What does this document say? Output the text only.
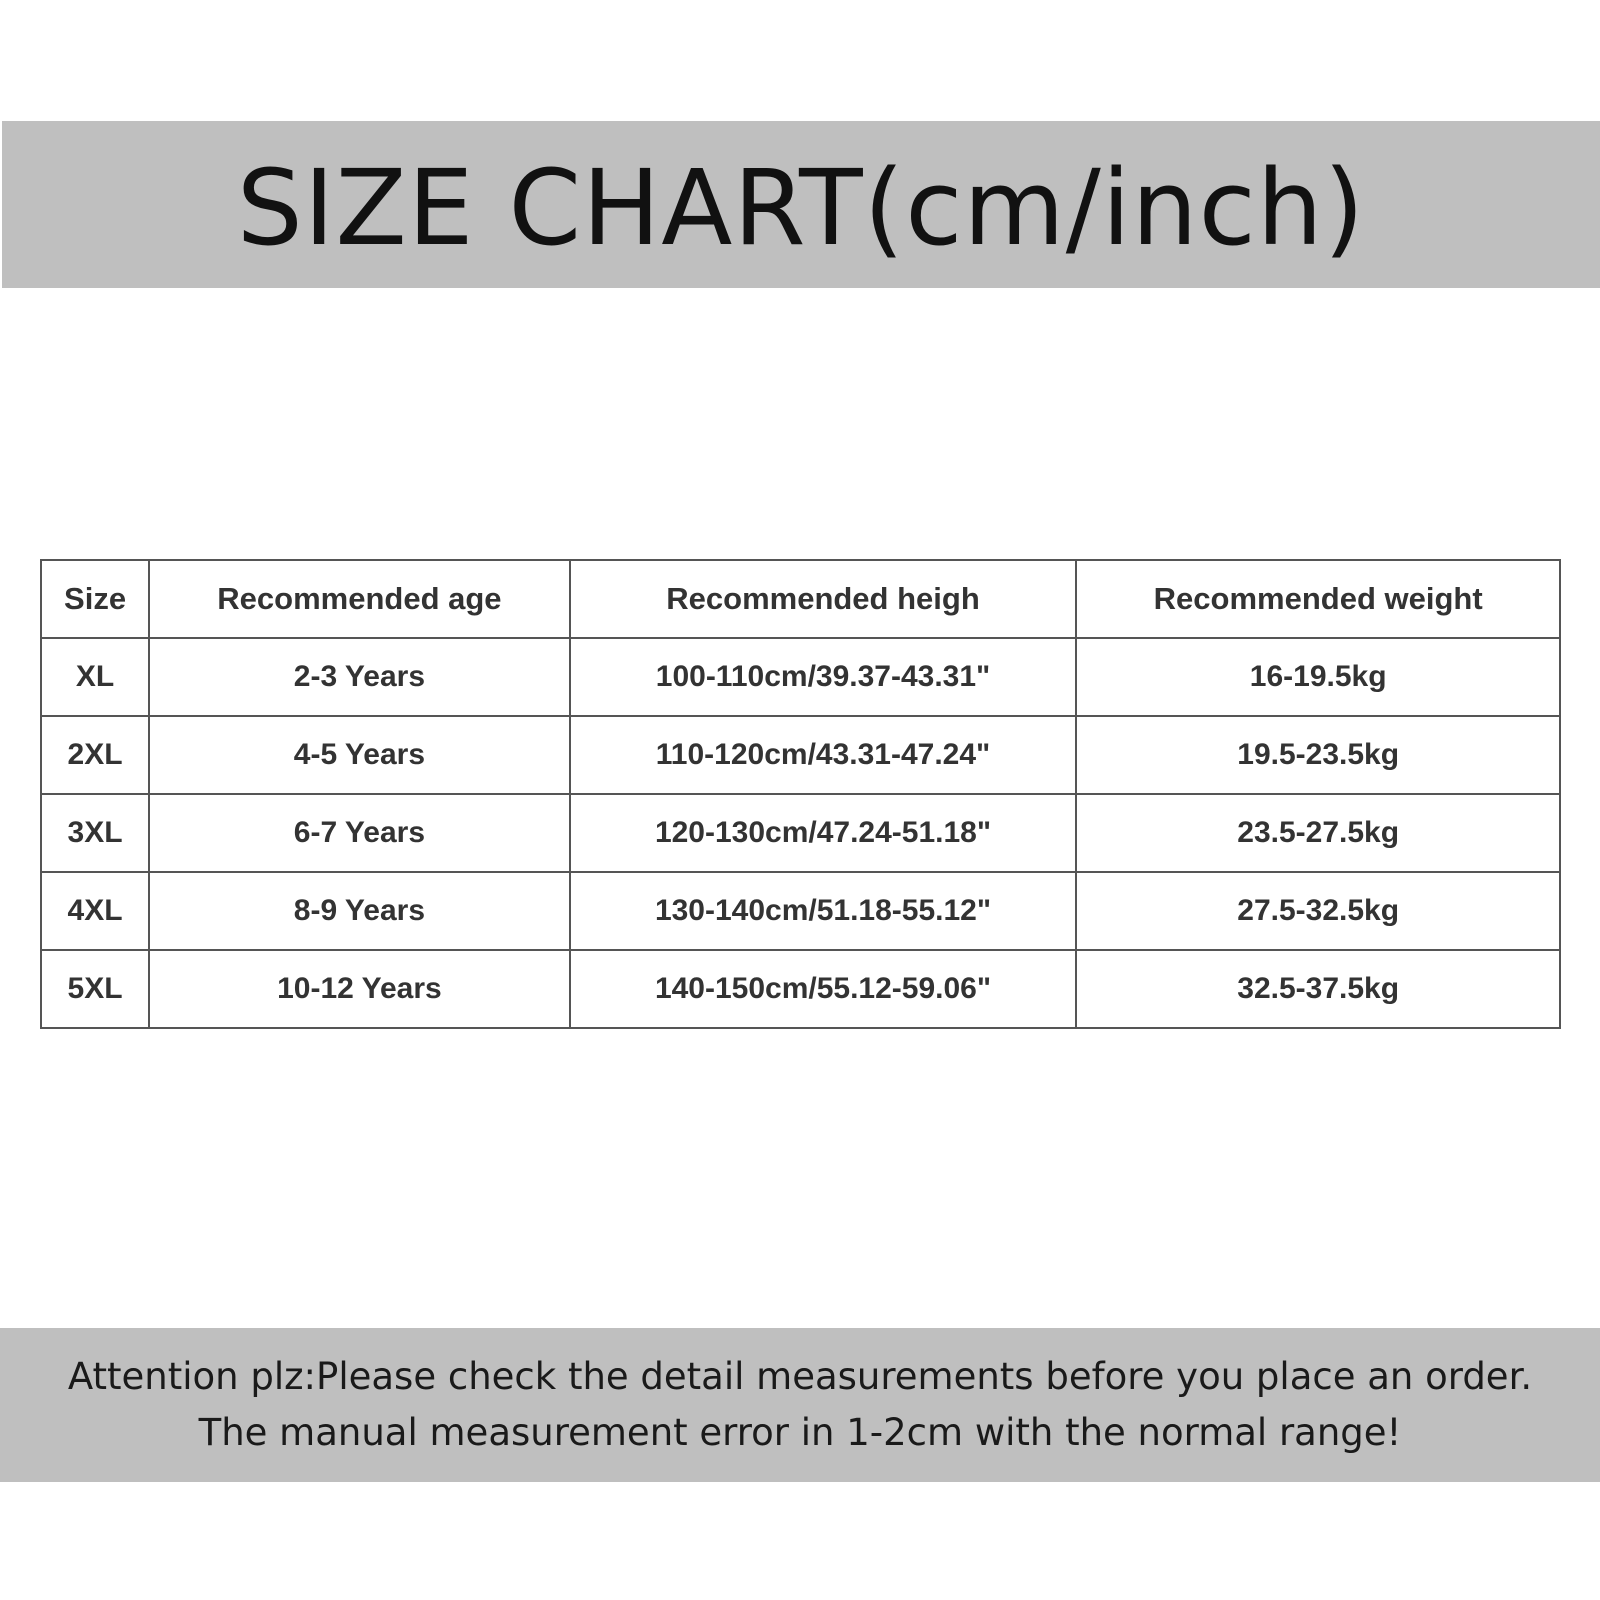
SIZE CHART(cm/inch)
Size	Recommended age	Recommended heigh	Recommended weight
XL	2-3 Years	100-110cm/39.37-43.31"	16-19.5kg
2XL	4-5 Years	110-120cm/43.31-47.24"	19.5-23.5kg
3XL	6-7 Years	120-130cm/47.24-51.18"	23.5-27.5kg
4XL	8-9 Years	130-140cm/51.18-55.12"	27.5-32.5kg
5XL	10-12 Years	140-150cm/55.12-59.06"	32.5-37.5kg
Attention plz:Please check the detail measurements before you place an order.
The manual measurement error in 1-2cm with the normal range!
